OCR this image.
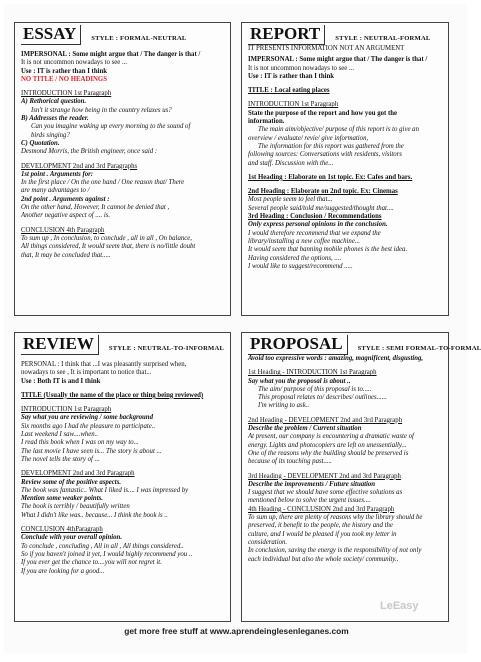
ESSAY	STYLE : FORMAL-NEUTRAL
IMPERSONAL : Some might argue that / The danger is that /
It is not uncommon nowadays to see ...
Use : IT is rather than I think
NO TITLE / NO HEADINGS
INTRODUCTION 1st Paragraph
A) Rethorical question.
Isn't it strange how being in the country relaxes us?
B) Addresses the reader.
Can you imagine waking up every morning to the sound of
birds singing?
C) Quotation.
Desmond Morris, the British engineer, once said :
DEVELOPMENT 2nd and 3rd Paragraphs
1st point . Arguments for:
In the first place / On the one hand / One reason that/ There
are many advantages to /
2nd point . Arguments against :
On the other hand, However, It cannot be denied that ,
Another negative aspect of .... is.
CONCLUSION 4th Paragraph
To sum up , In conclusion, to conclude , all in all , On balance,
All things considered, It would seem that, there is no/little doubt
that, It may be concluded that.....
REPORT	STYLE : NEUTRAL-FORMAL
IT PRESENTS INFORMATION NOT AN ARGUMENT
IMPERSONAL : Some might argue that / The danger is that /
It is not uncommon nowadays to see ...
Use : IT is rather than I think
TITLE : Local eating places
INTRODUCTION 1st Paragraph
State the purpose of the report and how you got the
information.
The main aim/objective/ purpose of this report is to give an
overview / evaluate/ revie/ give information,
The information for this report was gathered from the
following sources: Conversations with residents, visitors
and staff. Discussion with the...
1st Heading : Elaborate on 1st topic. Ex: Cafes and bars.
2nd Heading : Elaborate on 2nd topic. Ex: Cinemas
Most people seem to feel that...
Several people said/told me/suggested/thought that....
3rd Heading : Conclusion / Recommendations
Only express personal opinions in the conclusion.
I would therefore recommend that we expand the
library/installing a new coffee machine...
It would seem that banning mobile phones is the best idea.
Having considered the options, ....
I would like to suggest/recommend .....
REVIEW	STYLE : NEUTRAL-TO-INFORMAL
PERSONAL : I think that ...I was pleasantly surprised when,
nowadays to see , It is important to notice that...
Use : Both IT is and I think
TITLE (Usually the name of the place or thing being reviewed)
INTRODUCTION 1st Paragraph
Say what you are reviewing / some background
Six months ago I had the pleasure to participate..
Last weekend I saw....when..
I read this book when I was on my way to...
The last movie I have seen is... The story is about ...
The novel tells the story of ...
DEVELOPMENT 2nd and 3rd Paragraph
Review some of the positive aspects.
The book was fantastic.. What I liked is.... I was impressed by
Mention some weaker points.
The book is terribly / beautifully written
What I didn't like was.. because... I think the book is ..
CONCLUSION 4thParagraph
Conclude with your overall opinion.
To conclude , concluding , All in all , All things considered..
So if you haven't joined it yet, I would highly recommend you ..
If you ever get the chance to....you will not regret it.
If you are looking for a good...
PROPOSAL	STYLE : SEMI FORMAL-TO-FORMAL
Avoid too expressive words : amazing, magnificent, disgusting,
1st Heading - INTRODUCTION 1st Paragraph
Say what you the proposal is about ..
The aim/ purpose of this proposal is to.....
This proposal relates to/ describes/ outlines......
I'm writing to ask..
2nd Heading - DEVELOPMENT 2nd and 3rd Paragraph
Describe the problem / Current situation
At present, our company is encountering a dramatic waste of
energy. Lights and photocopiers are left on unessentially...
One of the reasons why the building should be preserved is
because of its touching past.....
3rd Heading - DEVELOPMENT 2nd and 3rd Paragraph
Describe the improvements / Future situation
I suggest that we should have some effective solutions as
mentioned below to solve the urgent issues....
4th Heading - CONCLUSION 2nd and 3rd Paragraph
To sum up, there are plenty of reasons why the library should be
preserved, it benefit to the people, the history and the
culture, and I would be pleased if you took my letter in
consideration.
In conclusion, saving the energy is the responsibility of not only
each individual but also the whole society/ community..
LeEasy
get more free stuff at www.aprendeinglesenleganes.com
